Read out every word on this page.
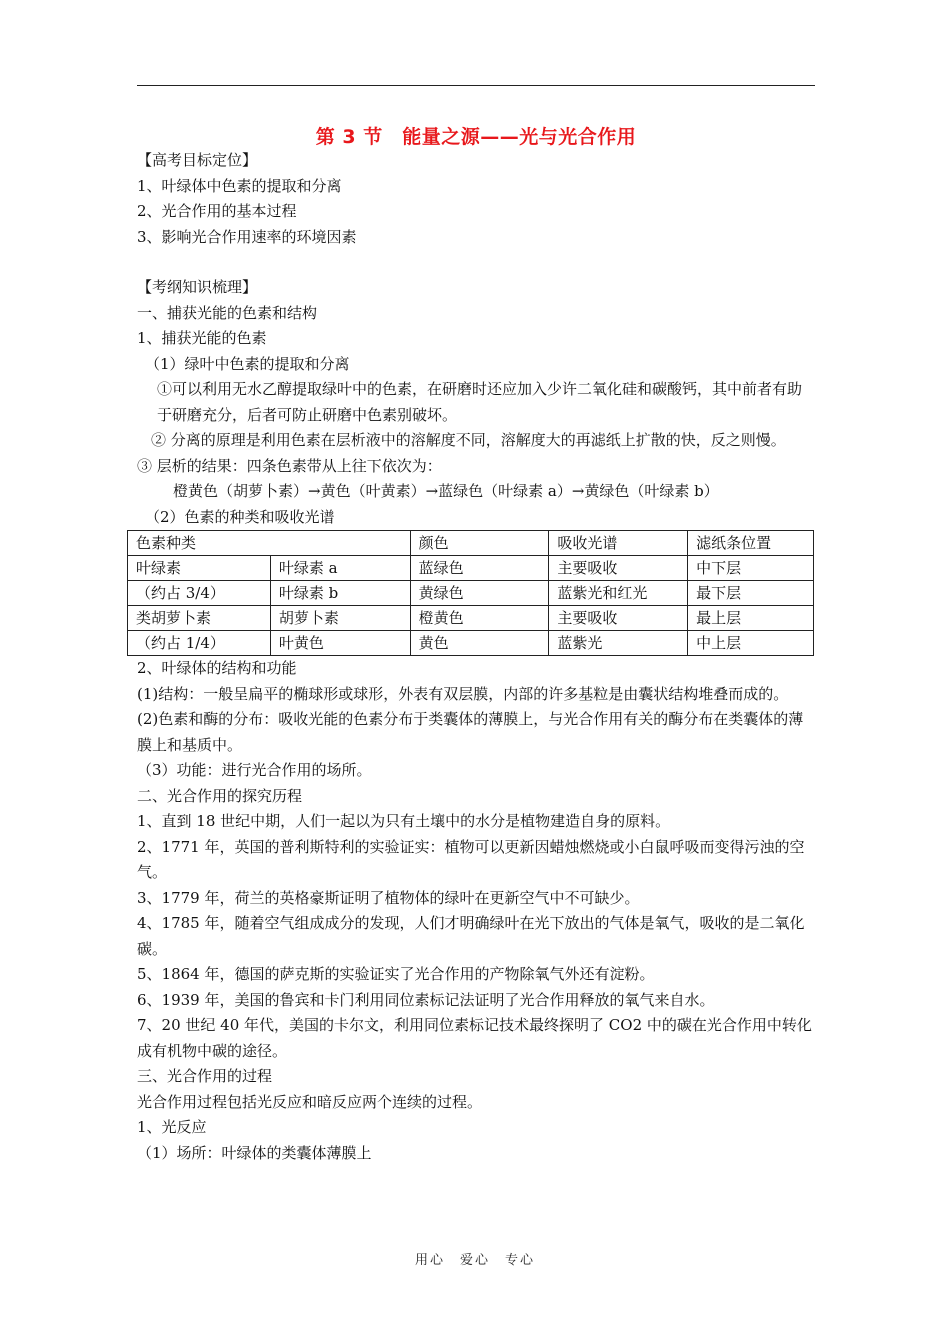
第 3 节　能量之源——光与光合作用

【高考目标定位】

1、叶绿体中色素的提取和分离

2、光合作用的基本过程

3、影响光合作用速率的环境因素

【考纲知识梳理】

一、捕获光能的色素和结构

1、捕获光能的色素

（1）绿叶中色素的提取和分离

①可以利用无水乙醇提取绿叶中的色素，在研磨时还应加入少许二氧化硅和碳酸钙，其中前者有助于研磨充分，后者可防止研磨中色素别破坏。

② 分离的原理是利用色素在层析液中的溶解度不同，溶解度大的再滤纸上扩散的快，反之则慢。

③ 层析的结果：四条色素带从上往下依次为：

橙黄色（胡萝卜素）→黄色（叶黄素）→蓝绿色（叶绿素 a）→黄绿色（叶绿素 b）

（2）色素的种类和吸收光谱

色素种类		颜色	吸收光谱	滤纸条位置
叶绿素	叶绿素 a	蓝绿色	主要吸收	中下层
（约占 3/4）	叶绿素 b	黄绿色	蓝紫光和红光	最下层
类胡萝卜素	胡萝卜素	橙黄色	主要吸收	最上层
（约占 1/4）	叶黄色	黄色	蓝紫光	中上层

2、叶绿体的结构和功能

(1)结构：一般呈扁平的椭球形或球形，外表有双层膜，内部的许多基粒是由囊状结构堆叠而成的。

(2)色素和酶的分布：吸收光能的色素分布于类囊体的薄膜上，与光合作用有关的酶分布在类囊体的薄膜上和基质中。

（3）功能：进行光合作用的场所。

二、光合作用的探究历程

1、直到 18 世纪中期，人们一起以为只有土壤中的水分是植物建造自身的原料。

2、1771 年，英国的普利斯特利的实验证实：植物可以更新因蜡烛燃烧或小白鼠呼吸而变得污浊的空气。

3、1779 年，荷兰的英格豪斯证明了植物体的绿叶在更新空气中不可缺少。

4、1785 年，随着空气组成成分的发现，人们才明确绿叶在光下放出的气体是氧气，吸收的是二氧化碳。

5、1864 年，德国的萨克斯的实验证实了光合作用的产物除氧气外还有淀粉。

6、1939 年，美国的鲁宾和卡门利用同位素标记法证明了光合作用释放的氧气来自水。

7、20 世纪 40 年代，美国的卡尔文，利用同位素标记技术最终探明了 CO2 中的碳在光合作用中转化成有机物中碳的途径。

三、光合作用的过程

光合作用过程包括光反应和暗反应两个连续的过程。

1、光反应

（1）场所：叶绿体的类囊体薄膜上

用心　爱心　专心
